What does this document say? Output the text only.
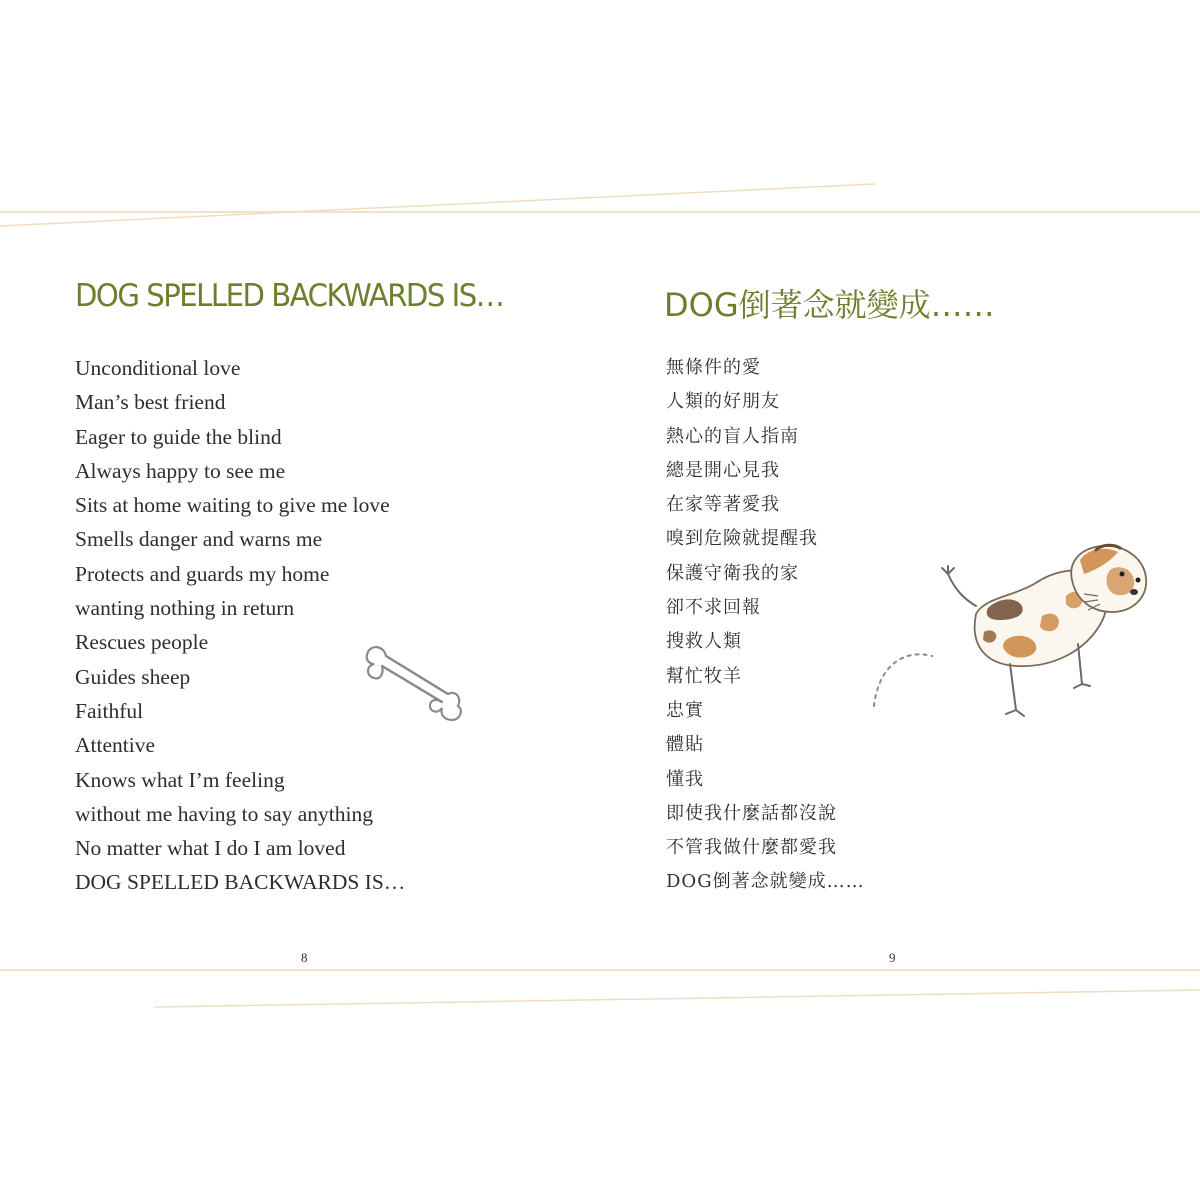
DOG SPELLED BACKWARDS IS…
Unconditional love
Man’s best friend
Eager to guide the blind
Always happy to see me
Sits at home waiting to give me love
Smells danger and warns me
Protects and guards my home
wanting nothing in return
Rescues people
Guides sheep
Faithful
Attentive
Knows what I’m feeling
without me having to say anything
No matter what I do I am loved
DOG SPELLED BACKWARDS IS…
8
DOG倒著念就變成……
無條件的愛
人類的好朋友
熱心的盲人指南
總是開心見我
在家等著愛我
嗅到危險就提醒我
保護守衛我的家
卻不求回報
搜救人類
幫忙牧羊
忠實
體貼
懂我
即使我什麼話都沒說
不管我做什麼都愛我
DOG倒著念就變成……
9
